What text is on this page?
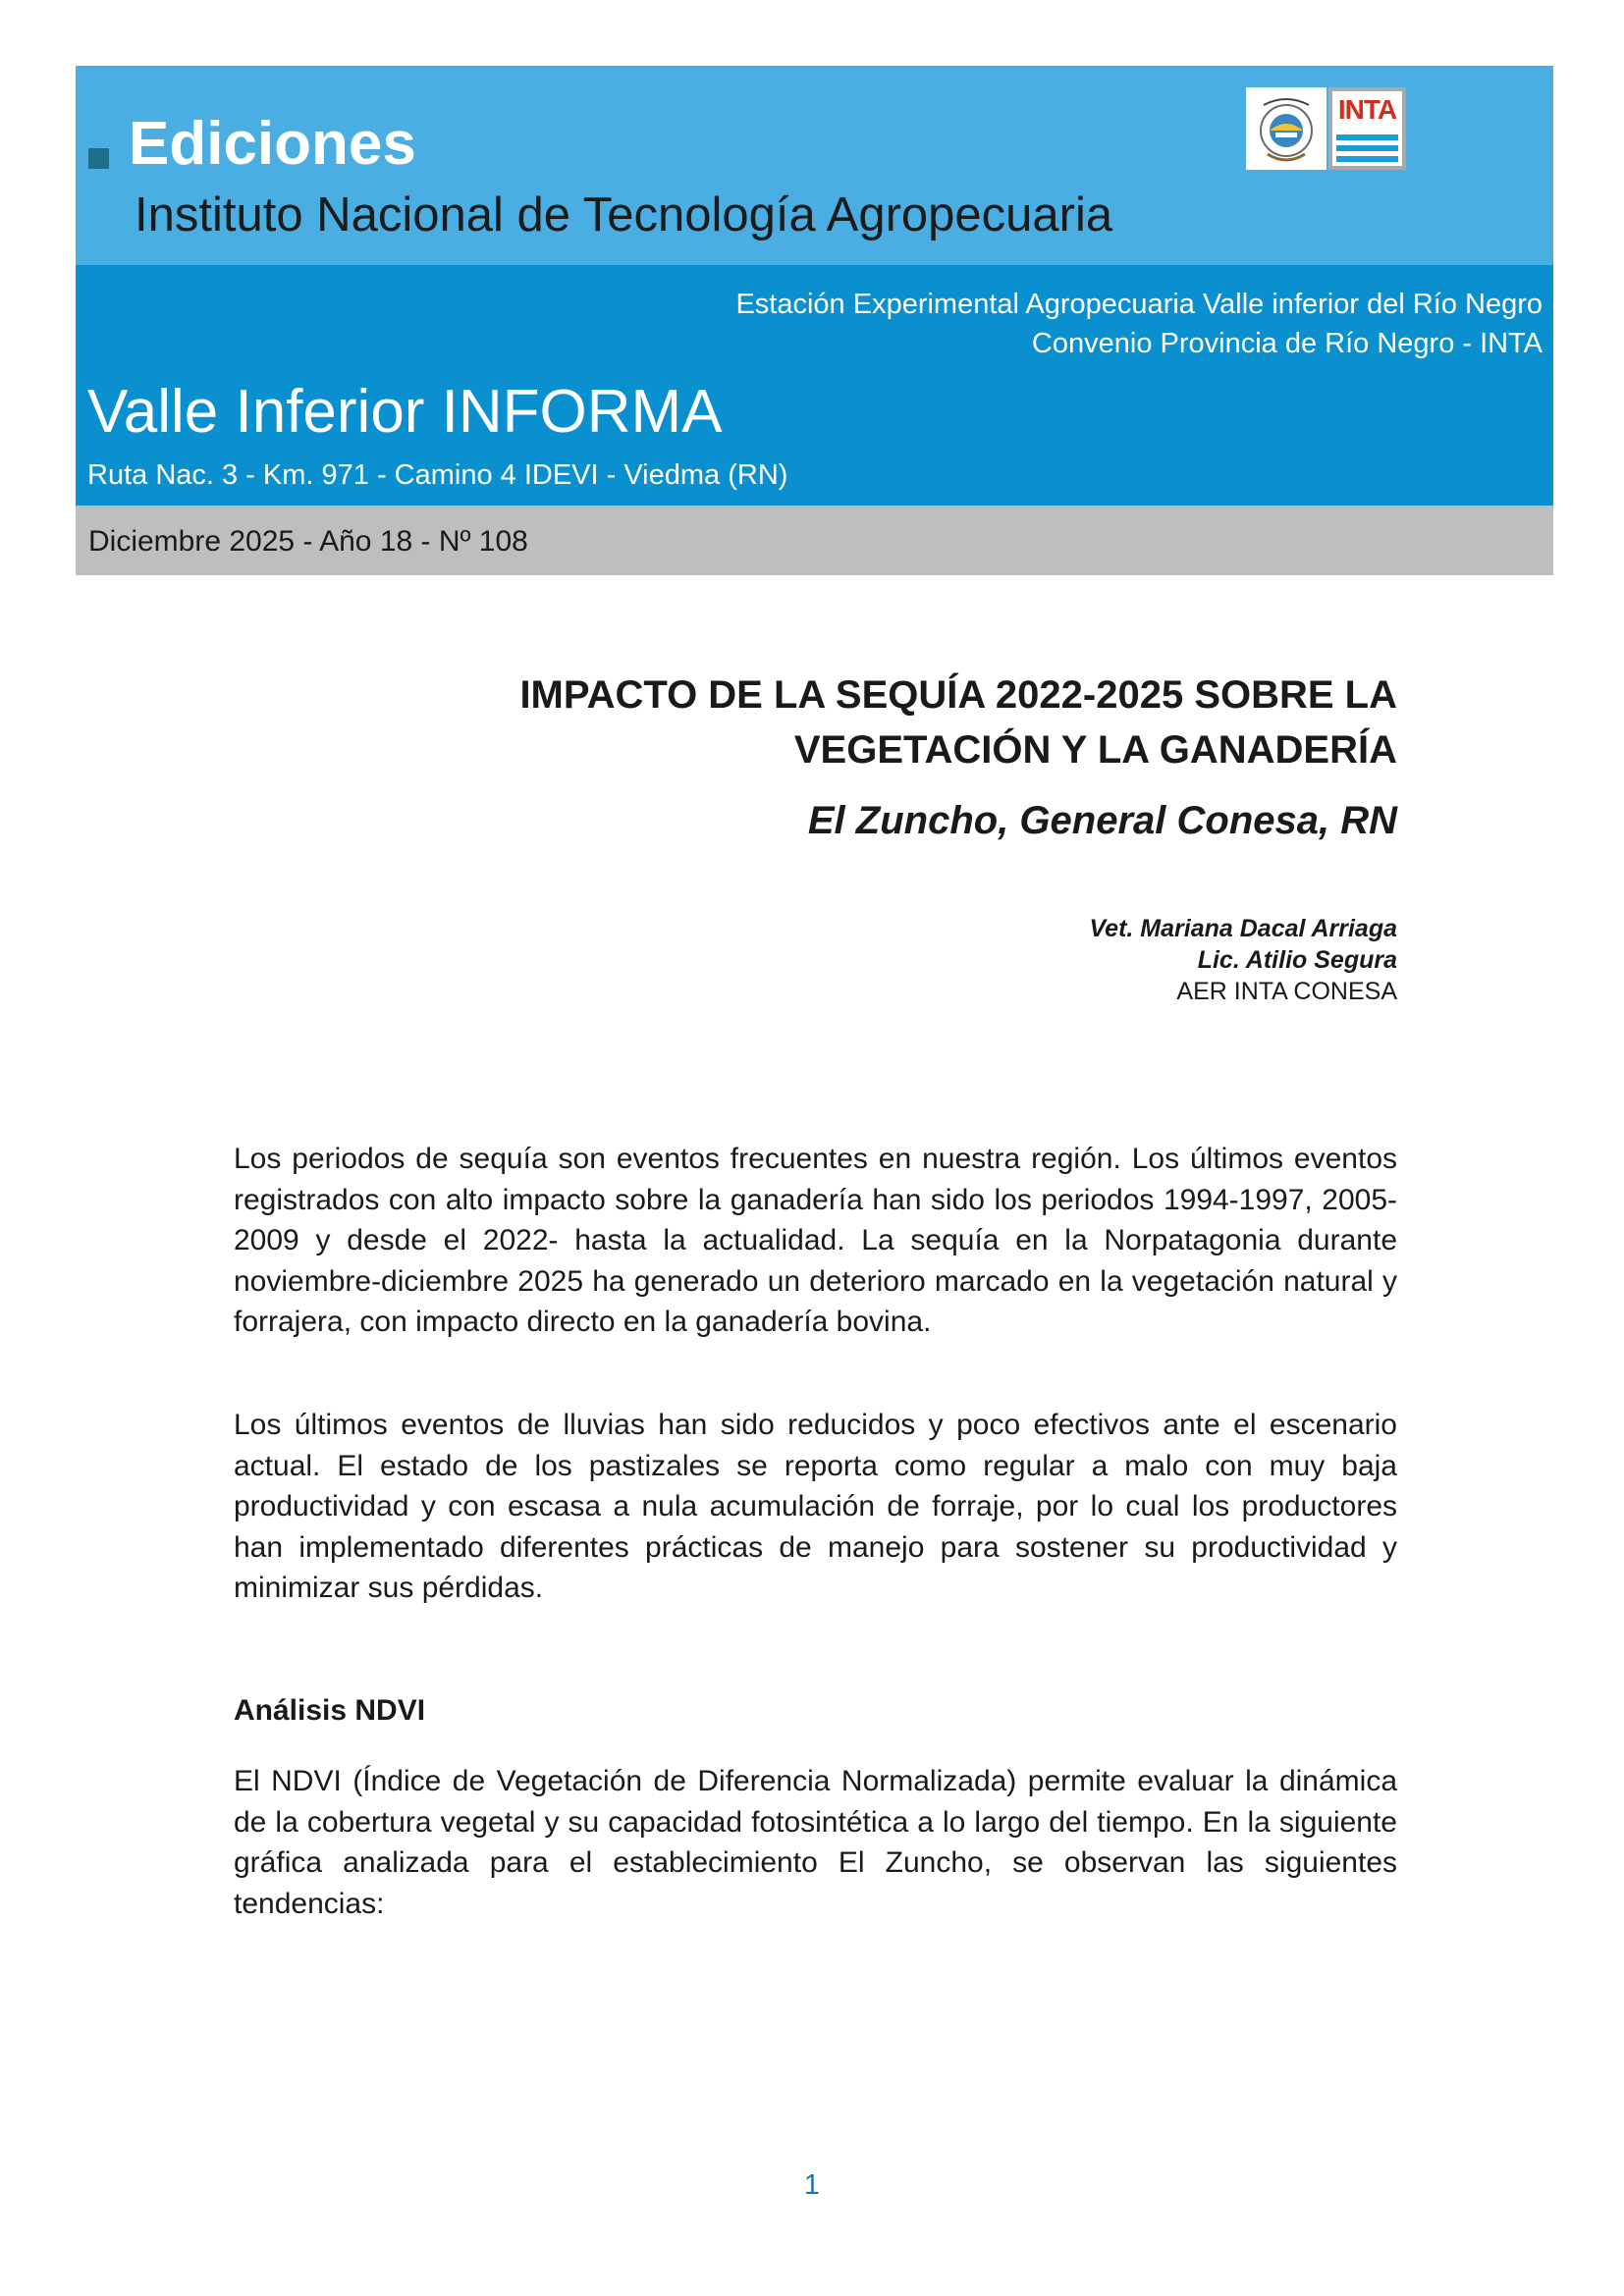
Ediciones
Instituto Nacional de Tecnología Agropecuaria
INTA
Estación Experimental Agropecuaria Valle inferior del Río Negro
Convenio Provincia de Río Negro - INTA
Valle Inferior INFORMA
Ruta Nac. 3 - Km. 971 - Camino 4 IDEVI - Viedma (RN)
Diciembre 2025 - Año 18 - Nº 108
IMPACTO DE LA SEQUÍA 2022-2025 SOBRE LA
VEGETACIÓN Y LA GANADERÍA
El Zuncho, General Conesa, RN
Vet. Mariana Dacal Arriaga
Lic. Atilio Segura
AER INTA CONESA

Los periodos de sequía son eventos frecuentes en nuestra región. Los últimos eventos registrados con alto impacto sobre la ganadería han sido los periodos 1994-1997, 2005-2009 y desde el 2022- hasta la actualidad. La sequía en la Norpatagonia durante noviembre-diciembre 2025 ha generado un deterioro marcado en la vegetación natural y forrajera, con impacto directo en la ganadería bovina.

Los últimos eventos de lluvias han sido reducidos y poco efectivos ante el escenario actual. El estado de los pastizales se reporta como regular a malo con muy baja productividad y con escasa a nula acumulación de forraje, por lo cual los productores han implementado diferentes prácticas de manejo para sostener su productividad y minimizar sus pérdidas.

Análisis NDVI

El NDVI (Índice de Vegetación de Diferencia Normalizada) permite evaluar la dinámica de la cobertura vegetal y su capacidad fotosintética a lo largo del tiempo. En la siguiente gráfica analizada para el establecimiento El Zuncho, se observan las siguientes tendencias:

1
